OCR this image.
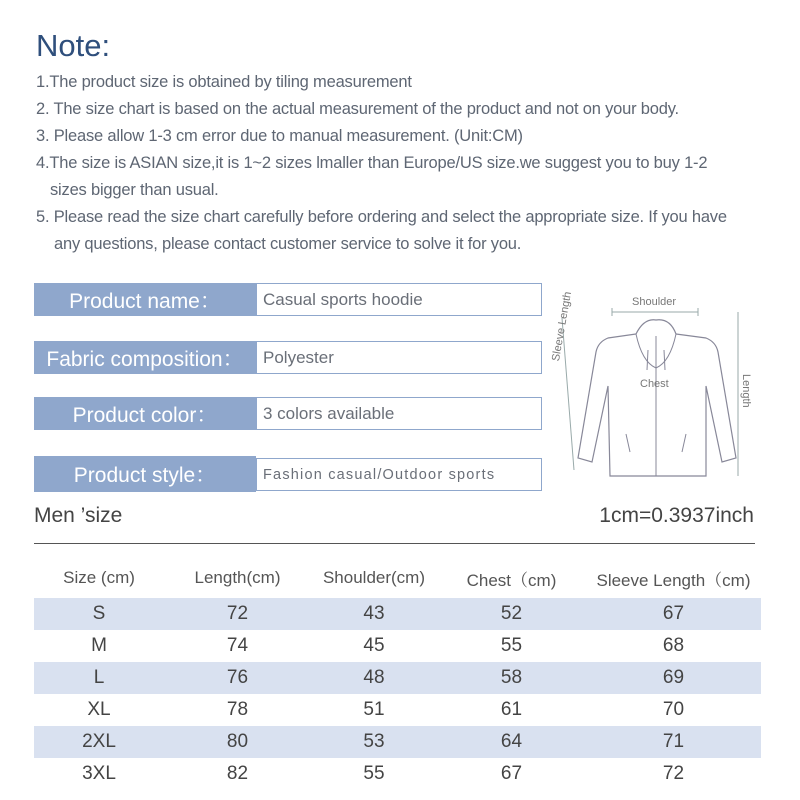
Note:
1.The product size is obtained by tiling measurement
2. The size chart is based on the actual measurement of the product and not on your body.
3. Please allow 1-3 cm error due to manual measurement. (Unit:CM)
4.The size is ASIAN size,it is 1~2 sizes lmaller than Europe/US size.we suggest you to buy 1-2
sizes bigger than usual.
5. Please read the size chart carefully before ordering and select the appropriate size. If you have
any questions, please contact customer service to solve it for you.
Product name：	Casual sports hoodie
Fabric composition：	Polyester
Product color：	3 colors available
Product style：	Fashion casual/Outdoor sports
Shoulder
Chest
Sleeve Length
Length
Men ’size	1cm=0.3937inch
Size (cm)	Length(cm)	Shoulder(cm)	Chest（cm)	Sleeve Length（cm)
S	72	43	52	67
M	74	45	55	68
L	76	48	58	69
XL	78	51	61	70
2XL	80	53	64	71
3XL	82	55	67	72
